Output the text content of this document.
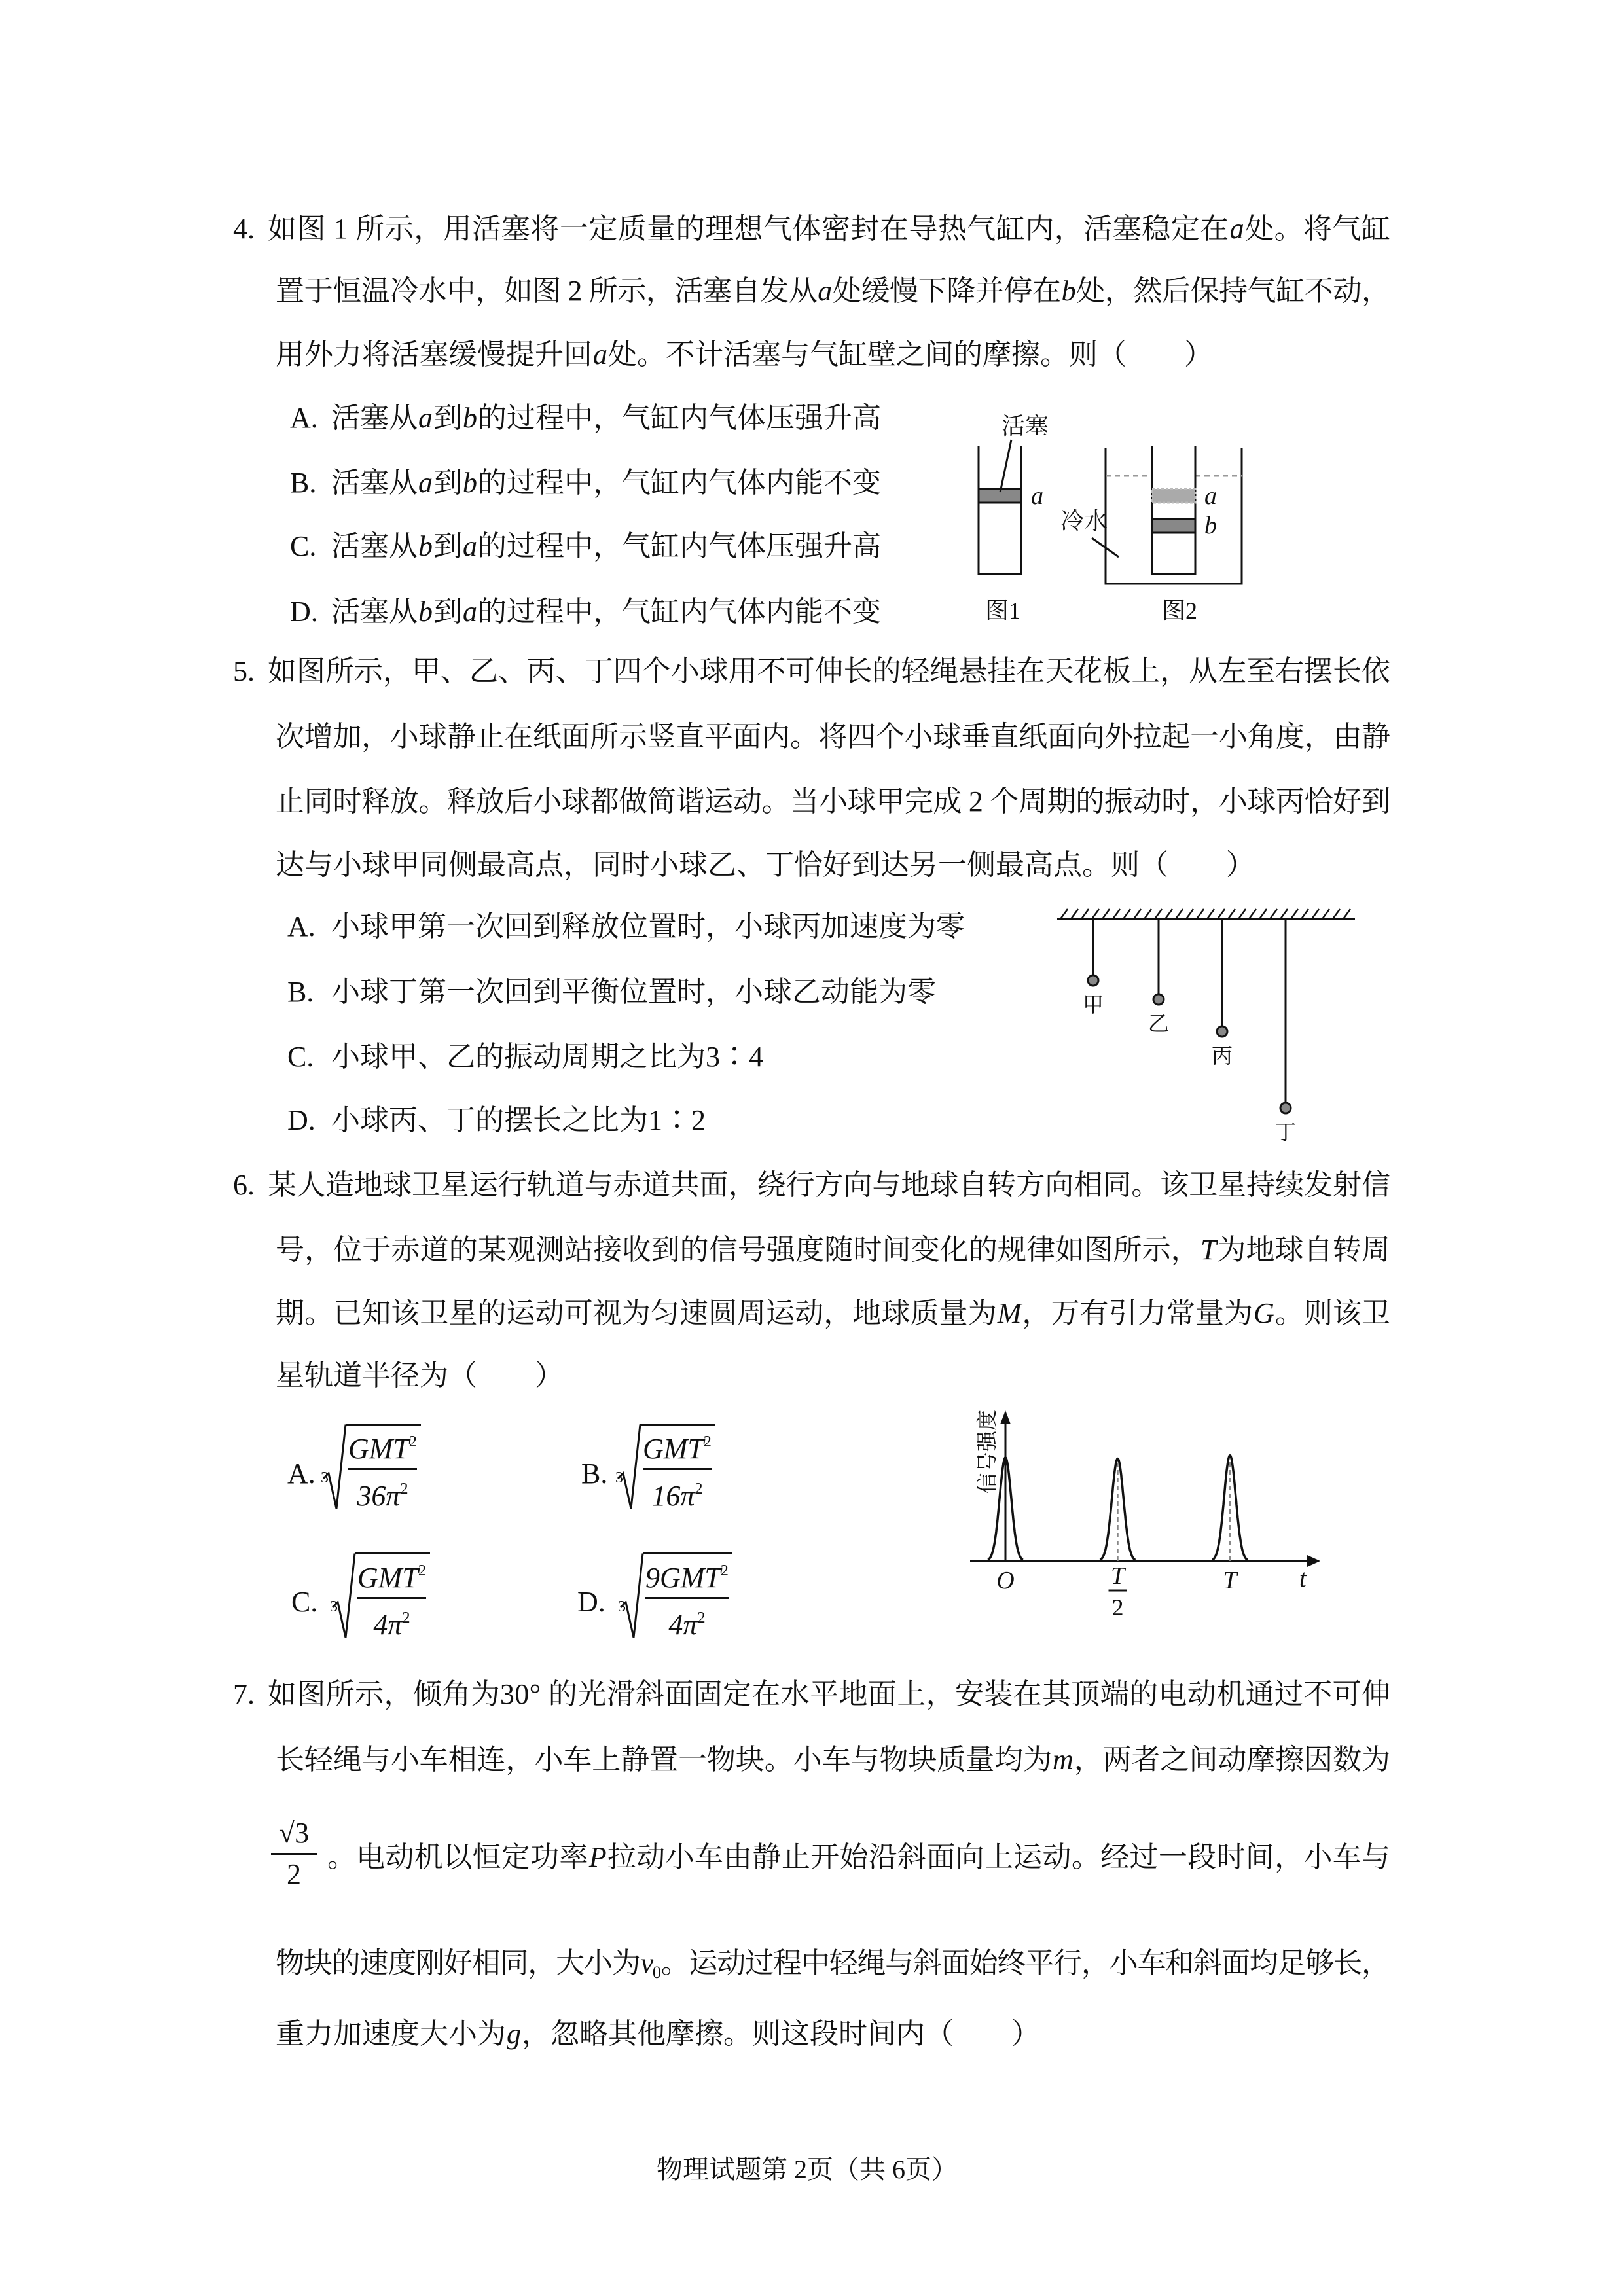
4. 如图 1 所示，用活塞将一定质量的理想气体密封在导热气缸内，活塞稳定在a处。将气缸
置于恒温冷水中，如图 2 所示，活塞自发从a处缓慢下降并停在b处，然后保持气缸不动，
用外力将活塞缓慢提升回a处。不计活塞与气缸壁之间的摩擦。则（　　）
A. 活塞从a到b的过程中，气缸内气体压强升高
B. 活塞从a到b的过程中，气缸内气体内能不变
C. 活塞从b到a的过程中，气缸内气体压强升高
D. 活塞从b到a的过程中，气缸内气体内能不变
5. 如图所示，甲、乙、丙、丁四个小球用不可伸长的轻绳悬挂在天花板上，从左至右摆长依
次增加，小球静止在纸面所示竖直平面内。将四个小球垂直纸面向外拉起一小角度，由静
止同时释放。释放后小球都做简谐运动。当小球甲完成 2 个周期的振动时，小球丙恰好到
达与小球甲同侧最高点，同时小球乙、丁恰好到达另一侧最高点。则（　　）
A. 小球甲第一次回到释放位置时，小球丙加速度为零
B. 小球丁第一次回到平衡位置时，小球乙动能为零
C. 小球甲、乙的振动周期之比为3∶4
D. 小球丙、丁的摆长之比为1∶2
6. 某人造地球卫星运行轨道与赤道共面，绕行方向与地球自转方向相同。该卫星持续发射信
号，位于赤道的某观测站接收到的信号强度随时间变化的规律如图所示，T为地球自转周
期。已知该卫星的运动可视为匀速圆周运动，地球质量为M，万有引力常量为G。则该卫
星轨道半径为（　　）
A. 3
GMT$^2$
$36\pi^2$	B. 3
GMT$^2$
$16\pi^2$
C. 3
GMT$^2$
$4\pi^2$	D. 3
9GMT$^2$
$4\pi^2$
7. 如图所示，倾角为30° 的光滑斜面固定在水平地面上，安装在其顶端的电动机通过不可伸
长轻绳与小车相连，小车上静置一物块。小车与物块质量均为m，两者之间动摩擦因数为
√3
2
。电动机以恒定功率P拉动小车由静止开始沿斜面向上运动。经过一段时间，小车与
物块的速度刚好相同，大小为$v_0$。运动过程中轻绳与斜面始终平行，小车和斜面均足够长，
重力加速度大小为g，忽略其他摩擦。则这段时间内（　　）
物理试题第 2页（共 6页）
活塞
a
图1
冷水
a
b
图2
甲
乙
丙
丁
O	T
2
T	t
信号强度
